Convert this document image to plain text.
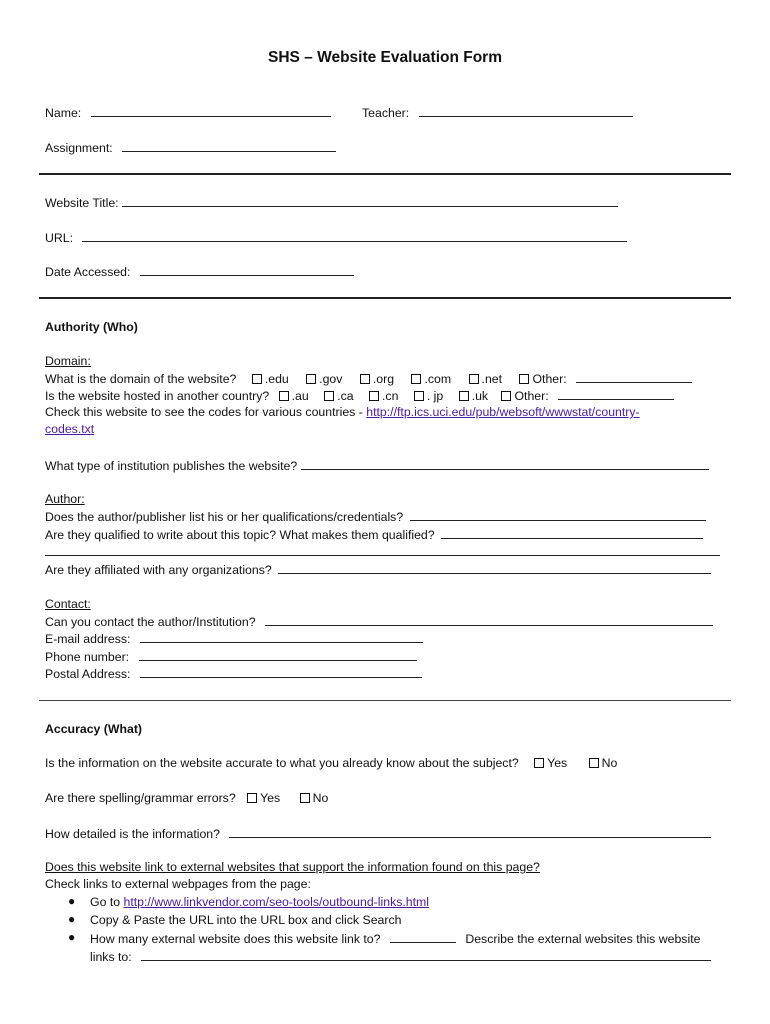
SHS – Website Evaluation Form
Name:	Teacher:
Assignment:
Website Title:
URL:
Date Accessed:
Authority (Who)
Domain:
What is the domain of the website? .edu .gov .org .com .net Other:
Is the website hosted in another country? .au .ca .cn . jp .uk Other:
Check this website to see the codes for various countries - http://ftp.ics.uci.edu/pub/websoft/wwwstat/country-
codes.txt
What type of institution publishes the website?
Author:
Does the author/publisher list his or her qualifications/credentials?
Are they qualified to write about this topic? What makes them qualified?
Are they affiliated with any organizations?
Contact:
Can you contact the author/Institution?
E-mail address:
Phone number:
Postal Address:
Accuracy (What)
Is the information on the website accurate to what you already know about the subject? Yes	No
Are there spelling/grammar errors? Yes	No
How detailed is the information?
Does this website link to external websites that support the information found on this page?
Check links to external webpages from the page:
● Go to http://www.linkvendor.com/seo-tools/outbound-links.html
● Copy & Paste the URL into the URL box and click Search
● How many external website does this website link to?	Describe the external websites this website
links to:
